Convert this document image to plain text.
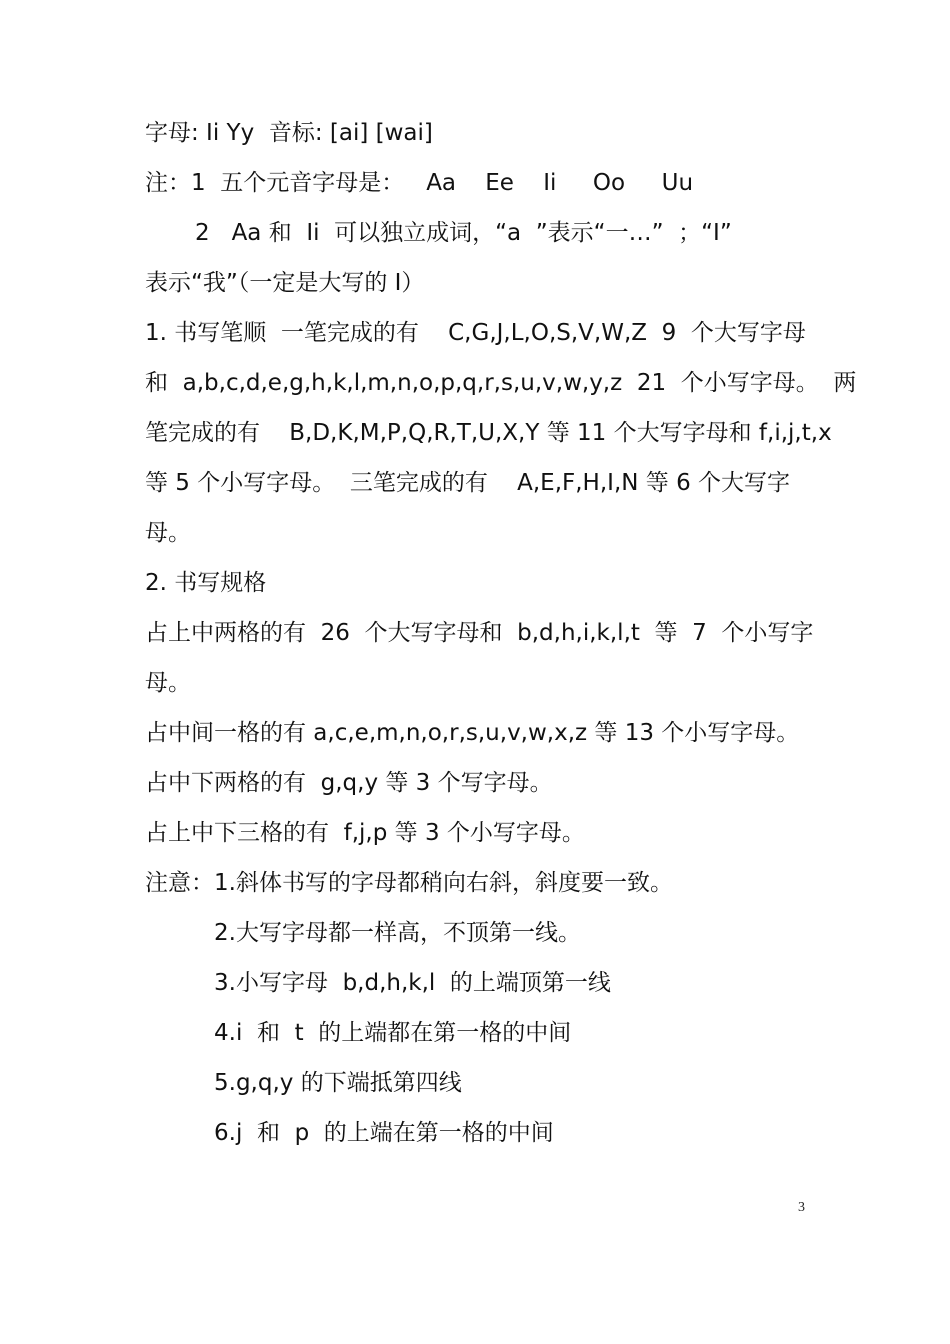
字母: Ii Yy  音标: [ai] [wai]
注：1  五个元音字母是：   Aa    Ee    Ii     Oo     Uu
2   Aa 和  Ii  可以独立成词，“a  ”表示“一…”  ；“I”
表示“我”（一定是大写的 I）
1. 书写笔顺  一笔完成的有    C,G,J,L,O,S,V,W,Z  9  个大写字母
和  a,b,c,d,e,g,h,k,l,m,n,o,p,q,r,s,u,v,w,y,z  21  个小写字母。  两
笔完成的有    B,D,K,M,P,Q,R,T,U,X,Y 等 11 个大写字母和 f,i,j,t,x
等 5 个小写字母。  三笔完成的有    A,E,F,H,I,N 等 6 个大写字
母。
2. 书写规格
占上中两格的有  26  个大写字母和  b,d,h,i,k,l,t  等  7  个小写字
母。
占中间一格的有 a,c,e,m,n,o,r,s,u,v,w,x,z 等 13 个小写字母。
占中下两格的有  g,q,y 等 3 个写字母。
占上中下三格的有  f,j,p 等 3 个小写字母。
注意：1.斜体书写的字母都稍向右斜，斜度要一致。
2.大写字母都一样高，不顶第一线。
3.小写字母  b,d,h,k,l  的上端顶第一线
4.i  和  t  的上端都在第一格的中间
5.g,q,y 的下端抵第四线
6.j  和  p  的上端在第一格的中间
3
